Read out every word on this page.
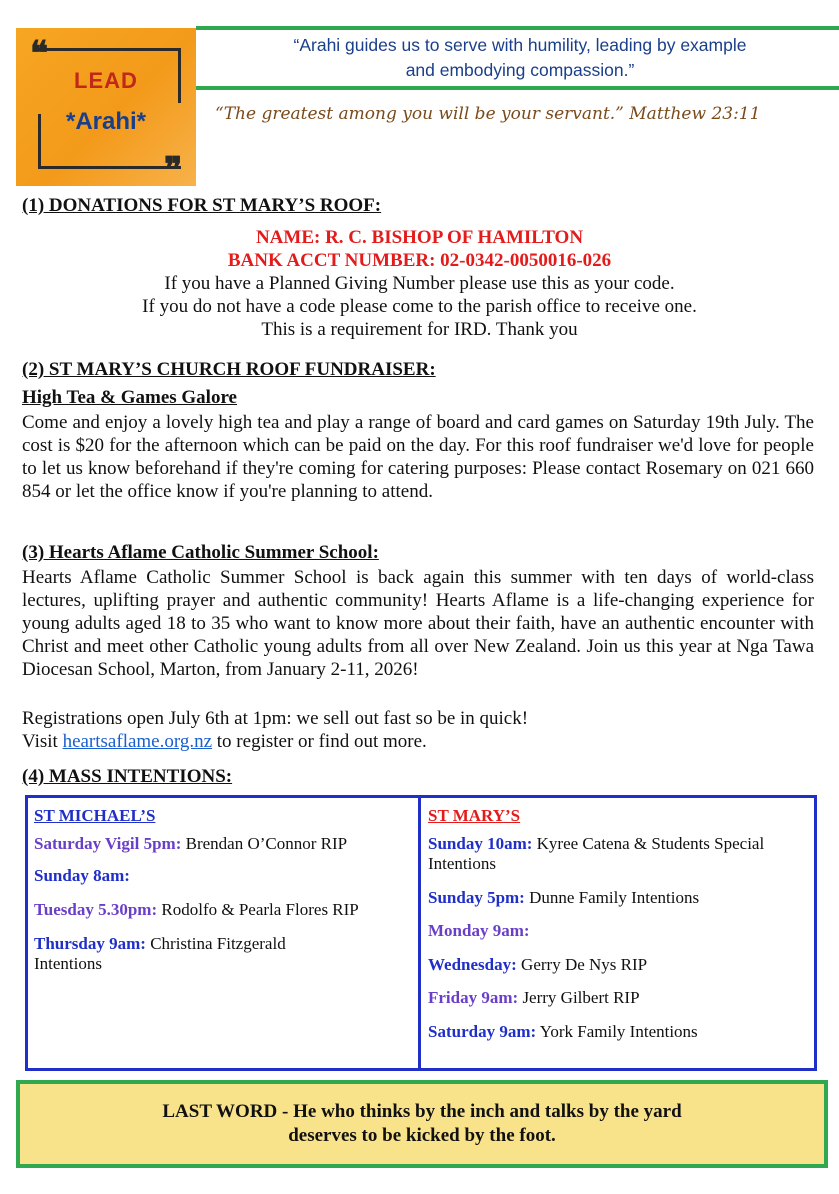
❝
LEAD
*Arahi*
❞
“Arahi guides us to serve with humility, leading by example
and embodying compassion.”
“The greatest among you will be your servant.” Matthew 23:11
(1) DONATIONS FOR ST MARY’S ROOF:
NAME: R. C. BISHOP OF HAMILTON
BANK ACCT NUMBER: 02-0342-0050016-026
If you have a Planned Giving Number please use this as your code.
If you do not have a code please come to the parish office to receive one.
This is a requirement for IRD. Thank you
(2) ST MARY’S CHURCH ROOF FUNDRAISER:
High Tea & Games Galore
Come and enjoy a lovely high tea and play a range of board and card games on Saturday 19th July. The cost is $20 for the afternoon which can be paid on the day. For this roof fundraiser we'd love for people to let us know beforehand if they're coming for catering purposes: Please contact Rosemary on 021 660 854 or let the office know if you're planning to attend.
(3) Hearts Aflame Catholic Summer School:
Hearts Aflame Catholic Summer School is back again this summer with ten days of world-class lectures, uplifting prayer and authentic community! Hearts Aflame is a life-changing experience for young adults aged 18 to 35 who want to know more about their faith, have an authentic encounter with Christ and meet other Catholic young adults from all over New Zealand. Join us this year at Nga Tawa Diocesan School, Marton, from January 2-11, 2026!
Registrations open July 6th at 1pm: we sell out fast so be in quick!
Visit heartsaflame.org.nz to register or find out more.
(4) MASS INTENTIONS:
ST MICHAEL’S
Saturday Vigil 5pm: Brendan O’Connor RIP
Sunday 8am:
Tuesday 5.30pm: Rodolfo & Pearla Flores RIP
Thursday 9am: Christina Fitzgerald Intentions
ST MARY’S
Sunday 10am: Kyree Catena & Students Special Intentions
Sunday 5pm: Dunne Family Intentions
Monday 9am:
Wednesday: Gerry De Nys RIP
Friday 9am: Jerry Gilbert RIP
Saturday 9am: York Family Intentions
LAST WORD - He who thinks by the inch and talks by the yard
deserves to be kicked by the foot.
